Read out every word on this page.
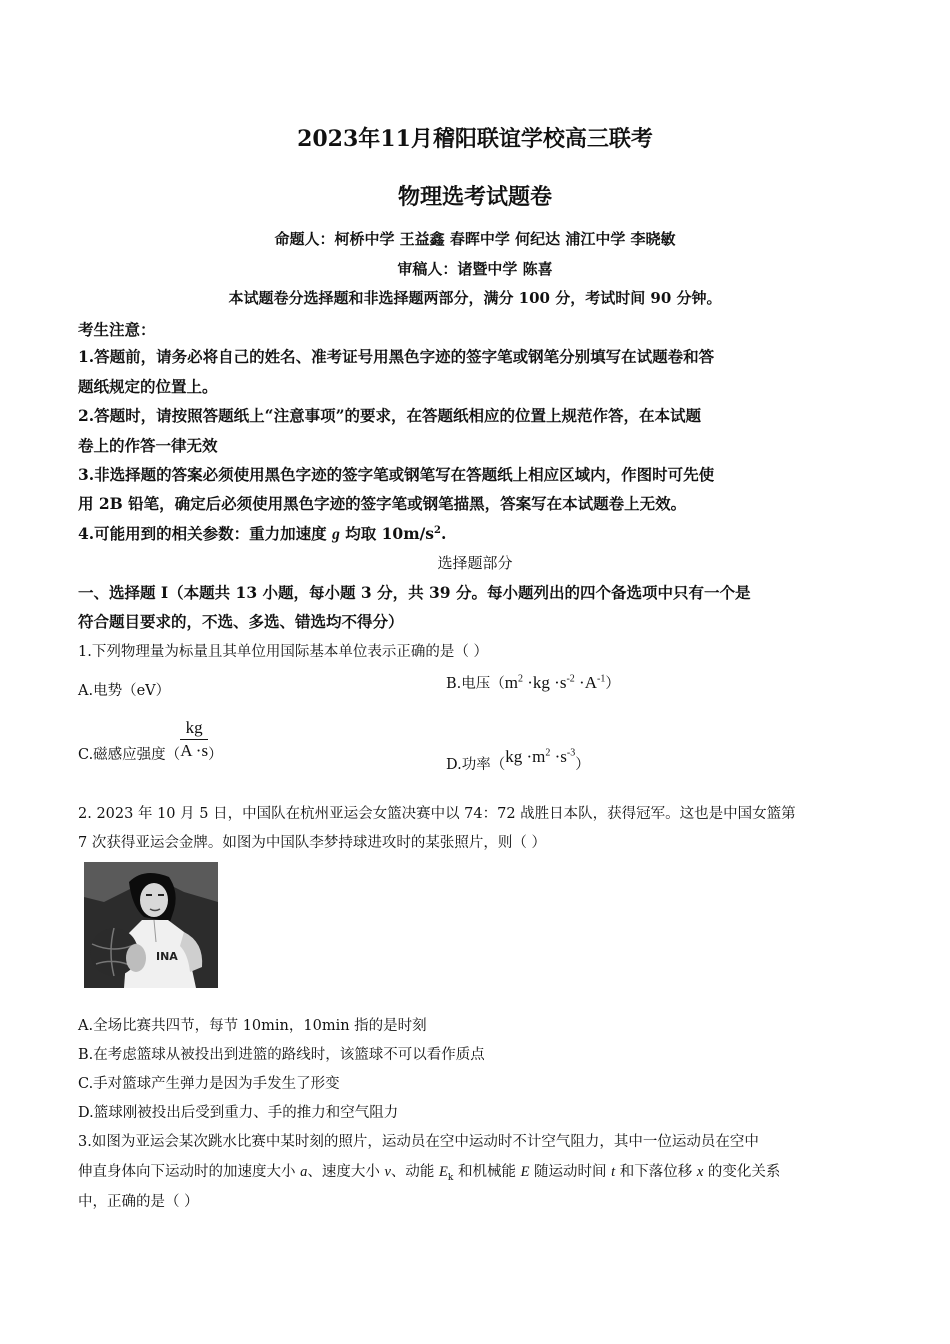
2023年11月稽阳联谊学校高三联考
物理选考试题卷
命题人：柯桥中学 王益鑫 春晖中学 何纪达 浦江中学 李晓敏
审稿人：诸暨中学 陈喜
本试题卷分选择题和非选择题两部分，满分 100 分，考试时间 90 分钟。
考生注意：
1.答题前，请务必将自己的姓名、准考证号用黑色字迹的签字笔或钢笔分别填写在试题卷和答
题纸规定的位置上。
2.答题时，请按照答题纸上“注意事项”的要求，在答题纸相应的位置上规范作答，在本试题
卷上的作答一律无效
3.非选择题的答案必须使用黑色字迹的签字笔或钢笔写在答题纸上相应区域内，作图时可先使
用 2B 铅笔，确定后必须使用黑色字迹的签字笔或钢笔描黑，答案写在本试题卷上无效。
4.可能用到的相关参数：重力加速度 g 均取 $10m/s^2$.
选择题部分
一、选择题 I（本题共 13 小题，每小题 3 分，共 39 分。每小题列出的四个备选项中只有一个是
符合题目要求的，不选、多选、错选均不得分）
1.下列物理量为标量且其单位用国际基本单位表示正确的是（ ）
A.电势（eV）	B.电压$(m^2 \cdot kg \cdot s^{-2} \cdot A^{-1})$
C.磁感应强度（ $\frac{kg}{A \cdot s}$ ）
D.功率$(kg \cdot m^2 \cdot s^{-3})$
2. 2023 年 10 月 5 日，中国队在杭州亚运会女篮决赛中以 74：72 战胜日本队，获得冠军。这也是中国女篮第
7 次获得亚运会金牌。如图为中国队李梦持球进攻时的某张照片，则（ ）
INA
A.全场比赛共四节，每节 10min，10min 指的是时刻
B.在考虑篮球从被投出到进篮的路线时，该篮球不可以看作质点
C.手对篮球产生弹力是因为手发生了形变
D.篮球刚被投出后受到重力、手的推力和空气阻力
3.如图为亚运会某次跳水比赛中某时刻的照片，运动员在空中运动时不计空气阻力，其中一位运动员在空中
伸直身体向下运动时的加速度大小 a、速度大小 v、动能 $E_k$ 和机械能 E 随运动时间 t 和下落位移 x 的变化关系
中，正确的是（ ）
